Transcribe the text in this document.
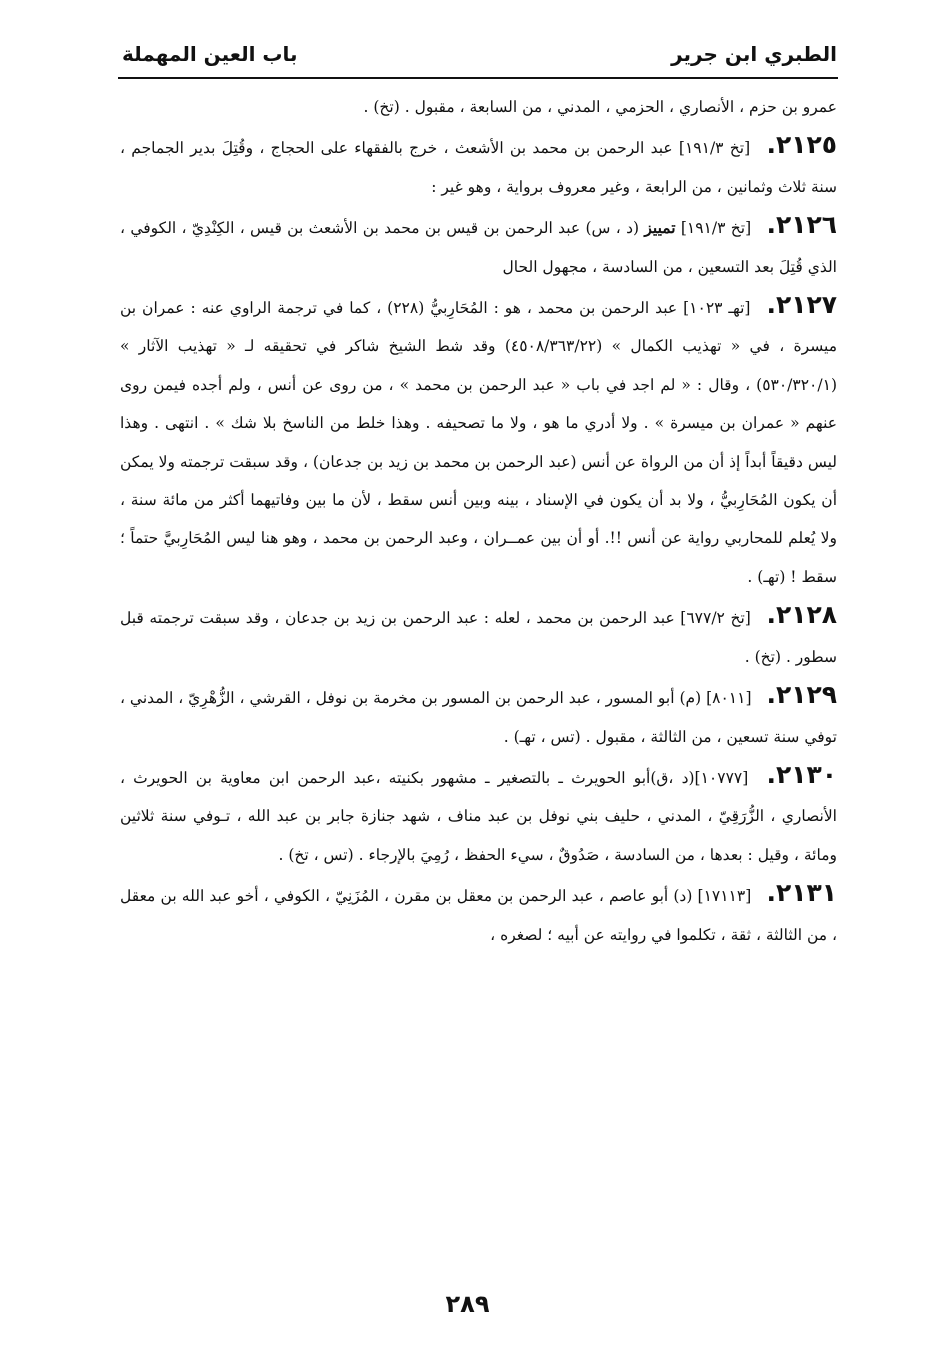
الطبري ابن جرير
باب العين المهملة

عمرو بن حزم ، الأنصاري ، الحزمي ، المدني ، من السابعة ، مقبول . (تخ) .

٢١٢٥. [تخ ١٩١/٣] عبد الرحمن بن محمد بن الأشعث ، خرج بالفقهاء على الحجاج ، وقُتِلَ بدير الجماجم ، سنة ثلاث وثمانين ، من الرابعة ، وغير معروف برواية ، وهو غير :

٢١٢٦. [تخ ١٩١/٣] تمييز (د ، س) عبد الرحمن بن قيس بن محمد بن الأشعث بن قيس ، الكِنْدِيّ ، الكوفي ، الذي قُتِلَ بعد التسعين ، من السادسة ، مجهول الحال

٢١٢٧. [تهـ ١٠٢٣] عبد الرحمن بن محمد ، هو : المُحَارِبيُّ (٢٢٨) ، كما في ترجمة الراوي عنه : عمران بن ميسرة ، في « تهذيب الكمال » (٤٥٠٨/٣٦٣/٢٢) وقد شط الشيخ شاكر في تحقيقه لـ « تهذيب الآثار » (٥٣٠/٣٢٠/١) ، وقال : « لم اجد في باب « عبد الرحمن بن محمد » ، من روى عن أنس ، ولم أجده فيمن روى عنهم « عمران بن ميسرة » . ولا أدري ما هو ، ولا ما تصحيفه . وهذا خلط من الناسخ بلا شك » . انتهى . وهذا ليس دقيقاً أبداً إذ أن من الرواة عن أنس (عبد الرحمن بن محمد بن زيد بن جدعان) ، وقد سبقت ترجمته ولا يمكن أن يكون المُحَارِبيُّ ، ولا بد أن يكون في الإسناد ، بينه وبين أنس سقط ، لأن ما بين وفاتيهما أكثر من مائة سنة ، ولا يُعلم للمحاربي رواية عن أنس !!. أو أن بين عمــران ، وعبد الرحمن بن محمد ، وهو هنا ليس المُحَارِبيَّ حتماً ؛ سقط ! (تهـ) .

٢١٢٨. [تخ ٦٧٧/٢] عبد الرحمن بن محمد ، لعله : عبد الرحمن بن زيد بن جدعان ، وقد سبقت ترجمته قبل سطور . (تخ) .

٢١٢٩. [٨٠١١] (م) أبو المسور ، عبد الرحمن بن المسور بن مخرمة بن نوفل ، القرشي ، الزُّهْرِيّ ، المدني ، توفي سنة تسعين ، من الثالثة ، مقبول . (تس ، تهـ) .

٢١٣٠. [١٠٧٧٧](د ،ق)أبو الحويرث ـ بالتصغير ـ مشهور بكنيته ،عبد الرحمن ابن معاوية بن الحويرث ، الأنصاري ، الزُّرَقِيّ ، المدني ، حليف بني نوفل بن عبد مناف ، شهد جنازة جابر بن عبد الله ، تـوفي سنة ثلاثين ومائة ، وقيل : بعدها ، من السادسة ، صَدُوقٌ ، سيء الحفظ ، رُمِيَ بالإرجاء . (تس ، تخ) .

٢١٣١. [١٧١١٣] (د) أبو عاصم ، عبد الرحمن بن معقل بن مقرن ، المُزَنِيّ ، الكوفي ، أخو عبد الله بن معقل ، من الثالثة ، ثقة ، تكلموا في روايته عن أبيه ؛ لصغره ،

٢٨٩
